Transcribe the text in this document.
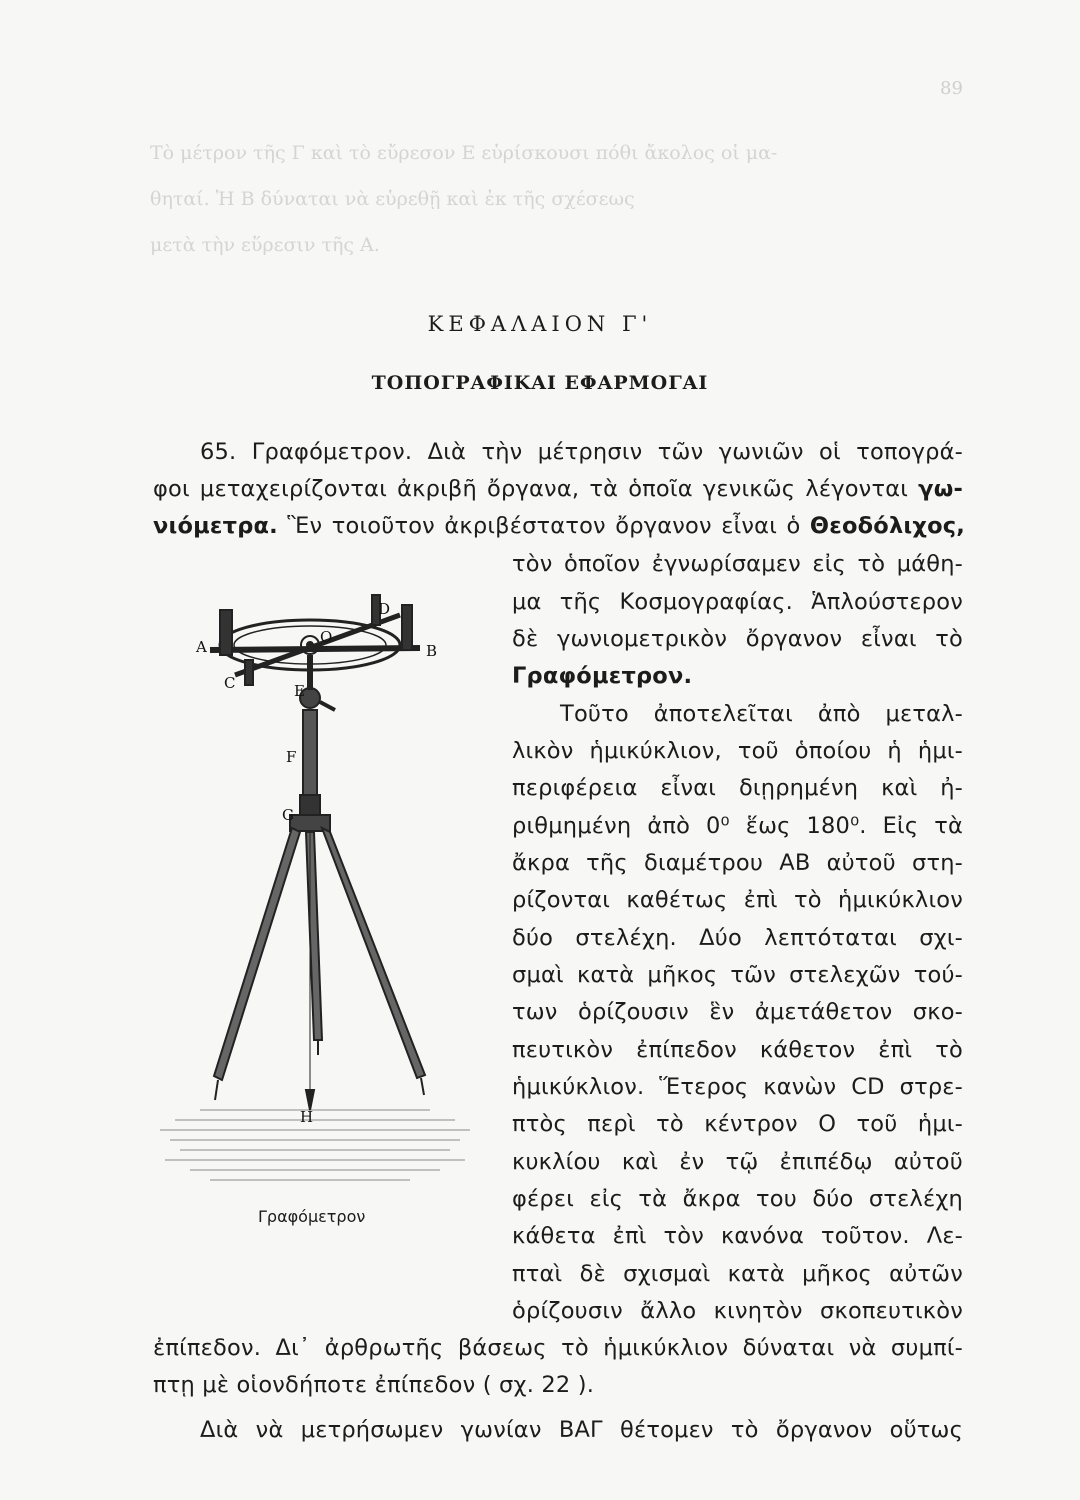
89
Τὸ μέτρον τῆς Γ καὶ τὸ εὔρεσον Ε εὑρίσκουσι πόθι ἄκολος οἱ μα-
θηταί. Ἡ Β δύναται νὰ εὑρεθῇ καὶ ἐκ τῆς σχέσεως
μετὰ τὴν εὕρεσιν τῆς Α.
ΚΕΦΑΛΑΙΟΝ Γ'
ΤΟΠΟΓΡΑΦΙΚΑΙ ΕΦΑΡΜΟΓΑΙ
65. Γραφόμετρον. Διὰ τὴν μέτρησιν τῶν γωνιῶν οἱ τοπογρά-
φοι μεταχειρίζονται ἀκριβῆ ὄργανα, τὰ ὁποῖα γενικῶς λέγονται γω-
νιόμετρα. Ἓν τοιοῦτον ἀκριβέστατον ὄργανον εἶναι ὁ Θεοδόλιχος,
τὸν ὁποῖον ἐγνωρίσαμεν εἰς τὸ μάθη-
μα τῆς Κοσμογραφίας. Ἁπλούστερον
δὲ γωνιομετρικὸν ὄργανον εἶναι τὸ
Γραφόμετρον.
Τοῦτο ἀποτελεῖται ἀπὸ μεταλ-
λικὸν ἡμικύκλιον, τοῦ ὁποίου ἡ ἡμι-
περιφέρεια εἶναι διῃρημένη καὶ ἠ-
ριθμημένη ἀπὸ 0⁰ ἕως 180⁰. Εἰς τὰ
ἄκρα τῆς διαμέτρου ΑΒ αὐτοῦ στη-
ρίζονται καθέτως ἐπὶ τὸ ἡμικύκλιον
δύο στελέχη. Δύο λεπτόταται σχι-
σμαὶ κατὰ μῆκος τῶν στελεχῶν τού-
των ὁρίζουσιν ἓν ἀμετάθετον σκο-
πευτικὸν ἐπίπεδον κάθετον ἐπὶ τὸ
ἡμικύκλιον. Ἕτερος κανὼν CD στρε-
πτὸς περὶ τὸ κέντρον Ο τοῦ ἡμι-
κυκλίου καὶ ἐν τῷ ἐπιπέδῳ αὐτοῦ
φέρει εἰς τὰ ἄκρα του δύο στελέχη
κάθετα ἐπὶ τὸν κανόνα τοῦτον. Λε-
πταὶ δὲ σχισμαὶ κατὰ μῆκος αὐτῶν
ὁρίζουσιν ἄλλο κινητὸν σκοπευτικὸν
ἐπίπεδον. Δι᾽ ἀρθρωτῆς βάσεως τὸ ἡμικύκλιον δύναται νὰ συμπί-
πτῃ μὲ οἱονδήποτε ἐπίπεδον ( σχ. 22 ).
Διὰ νὰ μετρήσωμεν γωνίαν ΒΑΓ θέτομεν τὸ ὄργανον οὕτως
A	B
C
D
E
F
G
H
O
Γραφόμετρον
